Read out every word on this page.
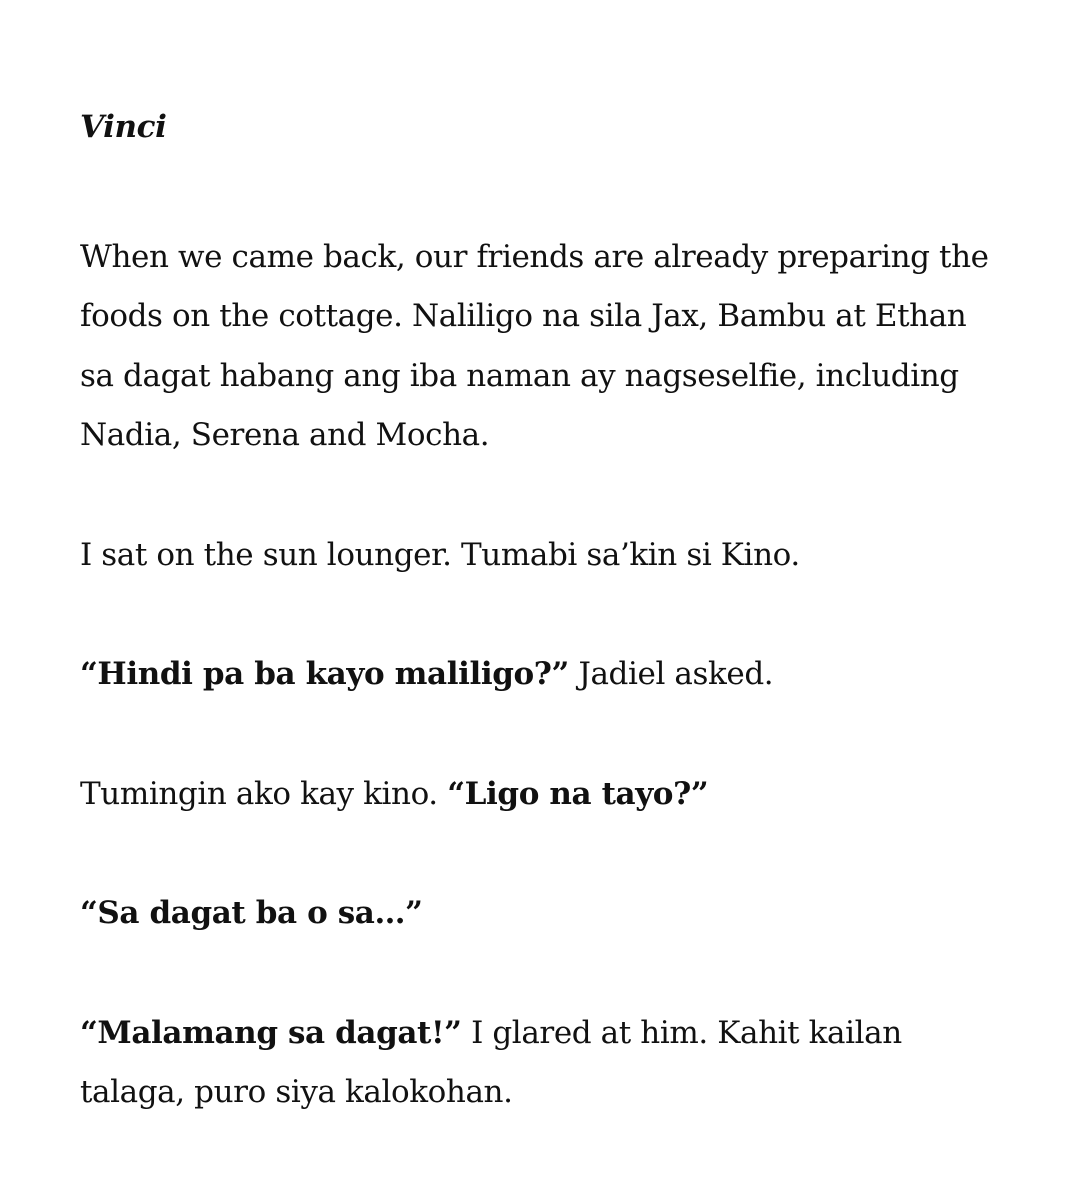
Vinci

When we came back, our friends are already preparing the foods on the cottage. Naliligo na sila Jax, Bambu at Ethan sa dagat habang ang iba naman ay nagseselfie, including Nadia, Serena and Mocha.

I sat on the sun lounger. Tumabi sa’kin si Kino.

“Hindi pa ba kayo maliligo?” Jadiel asked.

Tumingin ako kay kino. “Ligo na tayo?”

“Sa dagat ba o sa…”

“Malamang sa dagat!” I glared at him. Kahit kailan talaga, puro siya kalokohan.
